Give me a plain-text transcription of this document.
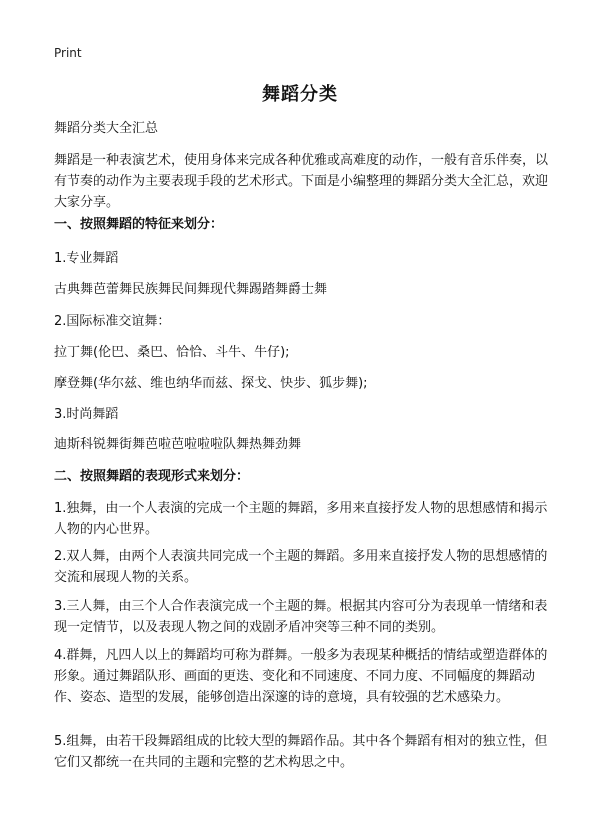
Print
舞蹈分类

舞蹈分类大全汇总

舞蹈是一种表演艺术，使用身体来完成各种优雅或高难度的动作，一般有音乐伴奏，以有节奏的动作为主要表现手段的艺术形式。下面是小编整理的舞蹈分类大全汇总，欢迎大家分享。

一、按照舞蹈的特征来划分：

1.专业舞蹈

古典舞芭蕾舞民族舞民间舞现代舞踢踏舞爵士舞

2.国际标准交谊舞：

拉丁舞(伦巴、桑巴、恰恰、斗牛、牛仔);

摩登舞(华尔兹、维也纳华而兹、探戈、快步、狐步舞);

3.时尚舞蹈

迪斯科锐舞街舞芭啦芭啦啦啦队舞热舞劲舞

二、按照舞蹈的表现形式来划分：

1.独舞，由一个人表演的完成一个主题的舞蹈，多用来直接抒发人物的思想感情和揭示人物的内心世界。

2.双人舞，由两个人表演共同完成一个主题的舞蹈。多用来直接抒发人物的思想感情的交流和展现人物的关系。

3.三人舞，由三个人合作表演完成一个主题的舞。根据其内容可分为表现单一情绪和表现一定情节，以及表现人物之间的戏剧矛盾冲突等三种不同的类别。

4.群舞，凡四人以上的舞蹈均可称为群舞。一般多为表现某种概括的情结或塑造群体的形象。通过舞蹈队形、画面的更迭、变化和不同速度、不同力度、不同幅度的舞蹈动作、姿态、造型的发展，能够创造出深邃的诗的意境，具有较强的艺术感染力。

5.组舞，由若干段舞蹈组成的比较大型的舞蹈作品。其中各个舞蹈有相对的独立性，但它们又都统一在共同的主题和完整的艺术构思之中。
